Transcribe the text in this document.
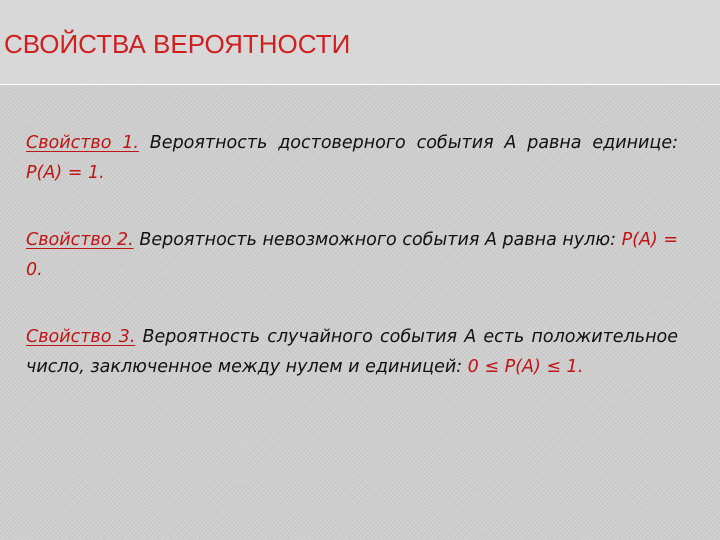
СВОЙСТВА ВЕРОЯТНОСТИ

Свойство 1. Вероятность достоверного события A равна единице: P(A) = 1.

Свойство 2. Вероятность невозможного события A равна нулю: P(A) = 0.

Свойство 3. Вероятность случайного события A есть положительное число, заключенное между нулем и единицей: 0 ≤ P(A) ≤ 1.
